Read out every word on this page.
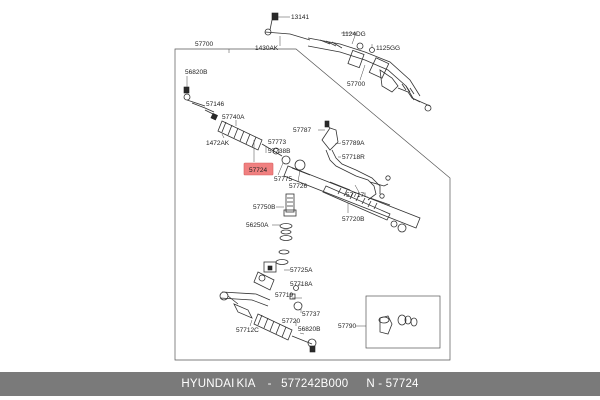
13141
1430AK
1124DG
1125GG
57700
57700
56820B
57146
57740A
1472AK	57773
57738B
57724
57775
57726
57787
57789A
57718R
57717L
57720B
57750B
56250A
57725A
57718A
57719
57737
57720
56820B
57712C
57790
HYUNDAI KIA - 577242B000 N - 57724
